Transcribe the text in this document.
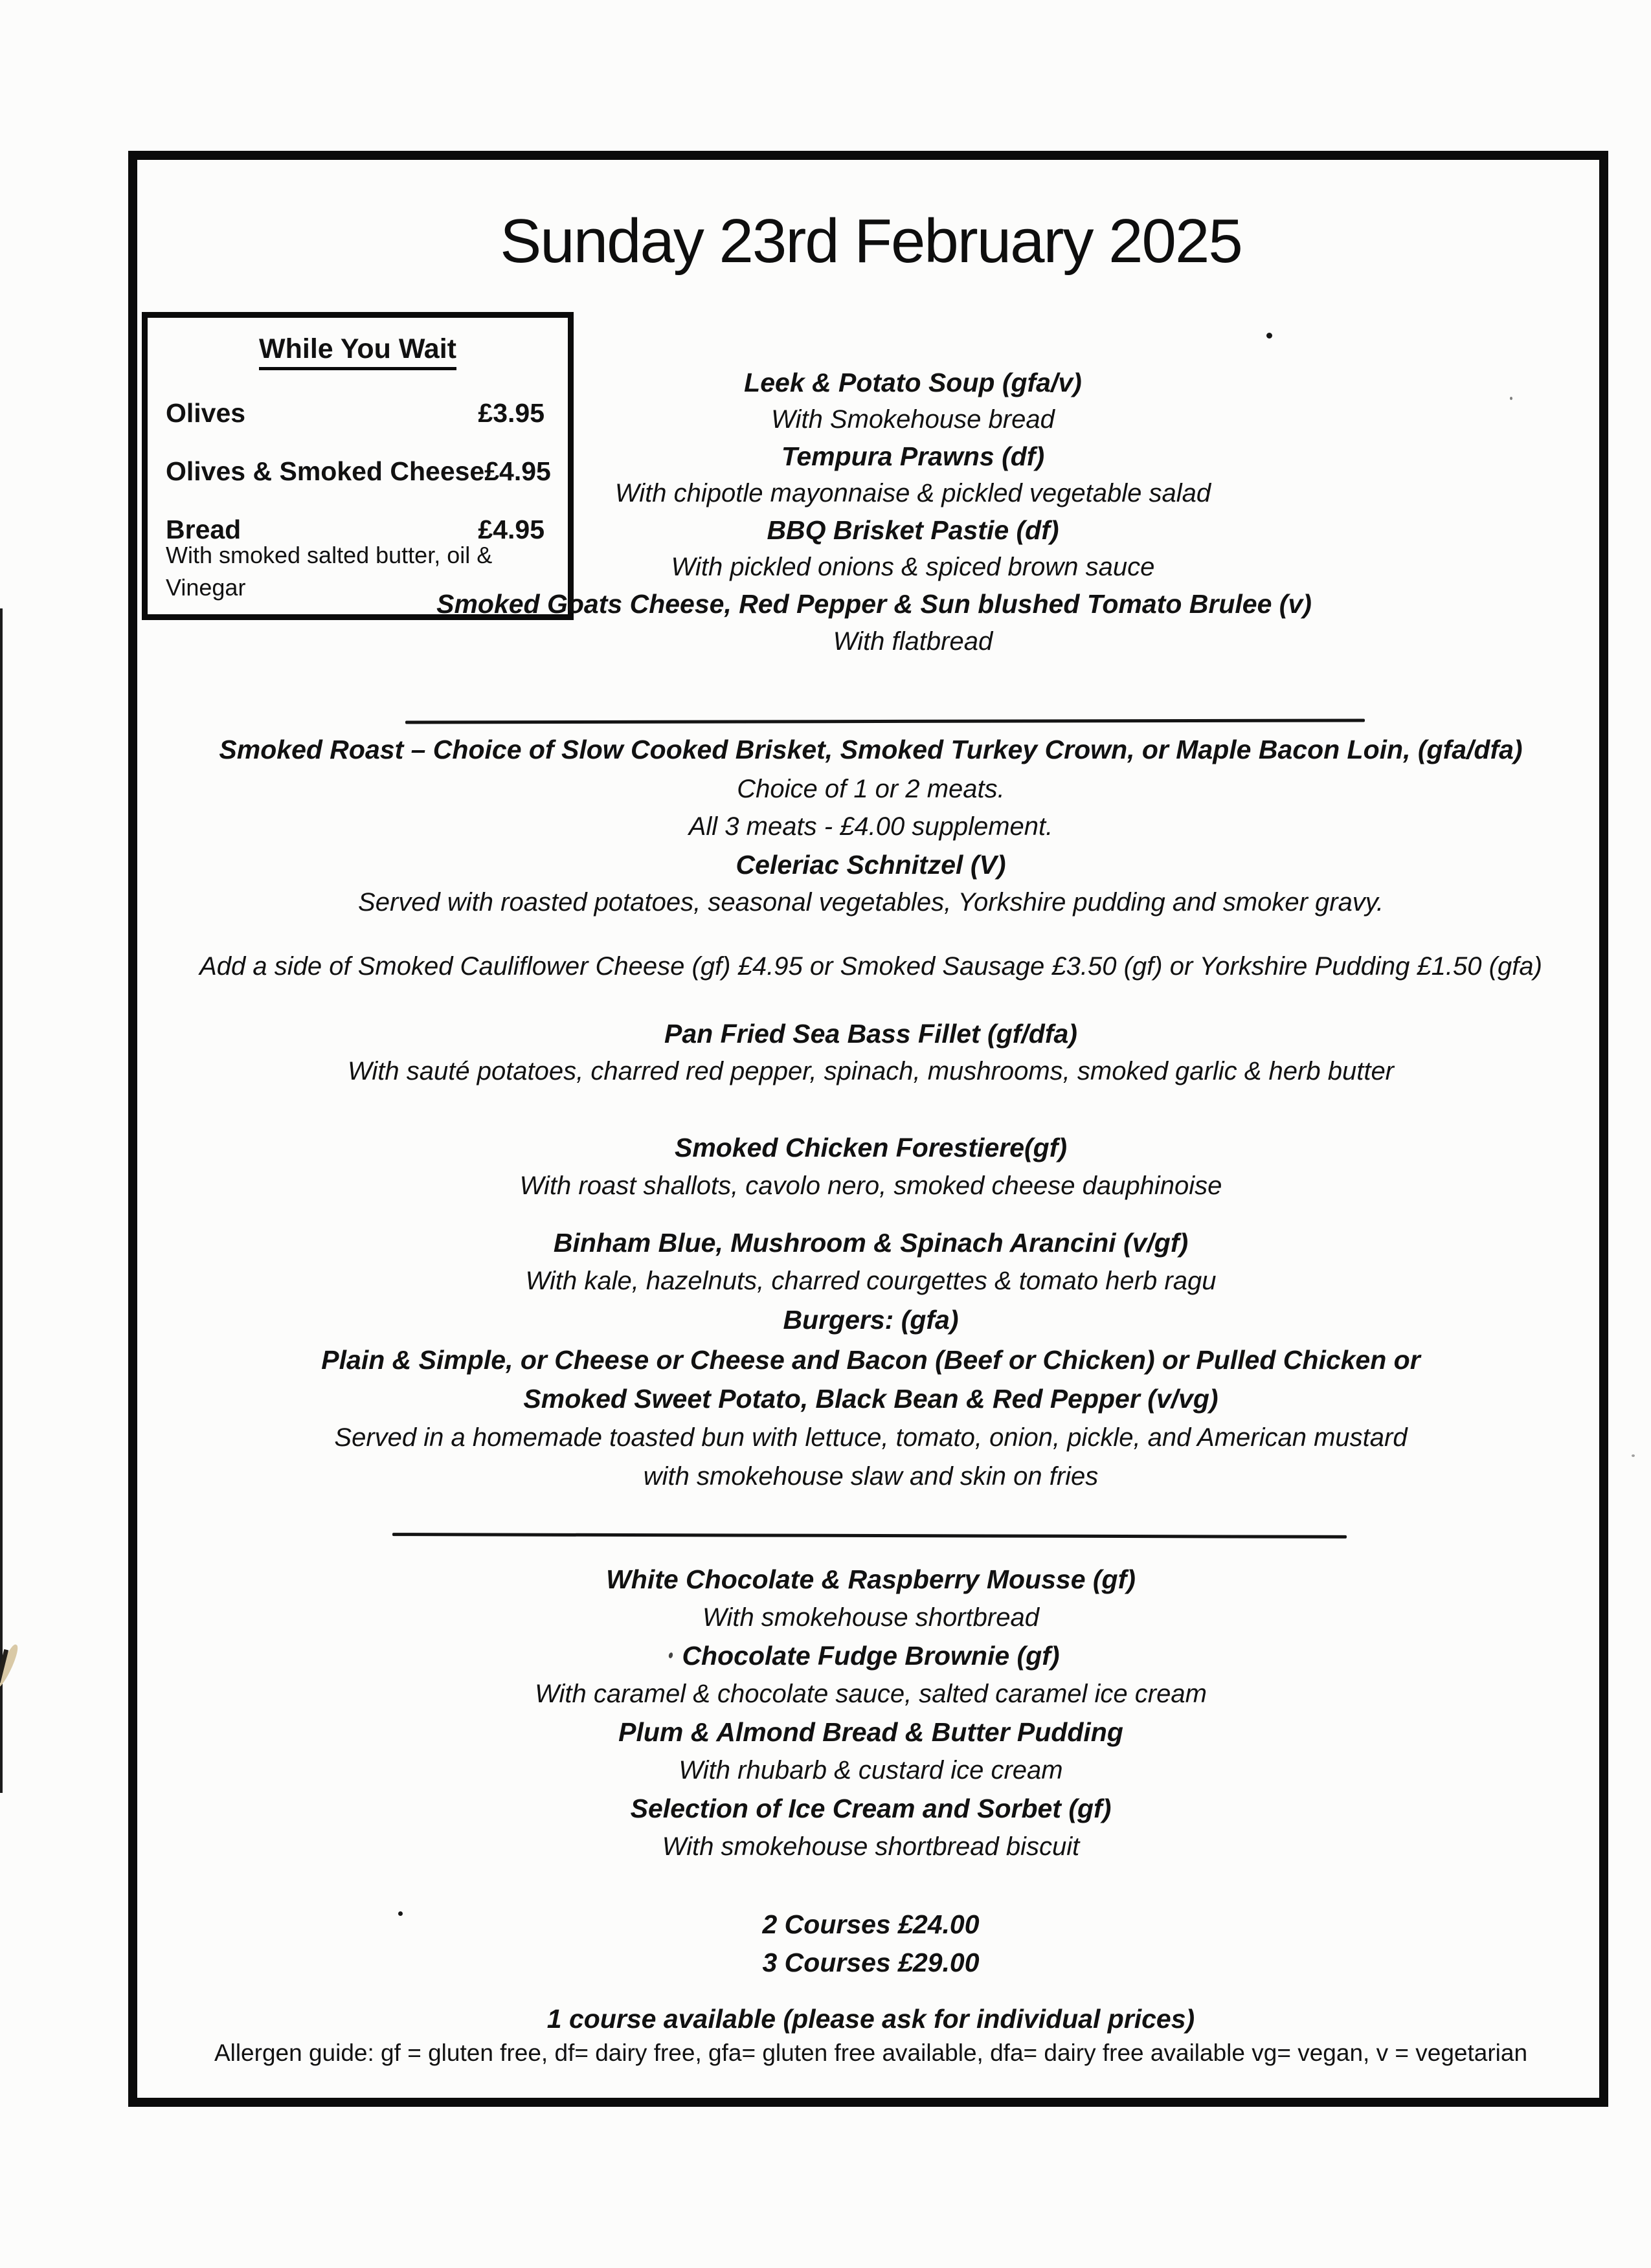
Sunday 23rd February 2025
While You Wait
Olives	£3.95
Olives & Smoked Cheese £4.95
Bread	£4.95
With smoked salted butter, oil &
Vinegar
Leek & Potato Soup (gfa/v)
With Smokehouse bread
Tempura Prawns (df)
With chipotle mayonnaise & pickled vegetable salad
BBQ Brisket Pastie (df)
With pickled onions & spiced brown sauce
Smoked Goats Cheese, Red Pepper & Sun blushed Tomato Brulee (v)
With flatbread
Smoked Roast – Choice of Slow Cooked Brisket, Smoked Turkey Crown, or Maple Bacon Loin, (gfa/dfa)
Choice of 1 or 2 meats.
All 3 meats - £4.00 supplement.
Celeriac Schnitzel (V)
Served with roasted potatoes, seasonal vegetables, Yorkshire pudding and smoker gravy.
Add a side of Smoked Cauliflower Cheese (gf) £4.95 or Smoked Sausage £3.50 (gf) or Yorkshire Pudding £1.50 (gfa)
Pan Fried Sea Bass Fillet (gf/dfa)
With sauté potatoes, charred red pepper, spinach, mushrooms, smoked garlic & herb butter
Smoked Chicken Forestiere(gf)
With roast shallots, cavolo nero, smoked cheese dauphinoise
Binham Blue, Mushroom & Spinach Arancini (v/gf)
With kale, hazelnuts, charred courgettes & tomato herb ragu
Burgers: (gfa)
Plain & Simple, or Cheese or Cheese and Bacon (Beef or Chicken) or Pulled Chicken or
Smoked Sweet Potato, Black Bean & Red Pepper (v/vg)
Served in a homemade toasted bun with lettuce, tomato, onion, pickle, and American mustard
with smokehouse slaw and skin on fries
White Chocolate & Raspberry Mousse (gf)
With smokehouse shortbread
Chocolate Fudge Brownie (gf)
With caramel & chocolate sauce, salted caramel ice cream
Plum & Almond Bread & Butter Pudding
With rhubarb & custard ice cream
Selection of Ice Cream and Sorbet (gf)
With smokehouse shortbread biscuit
2 Courses £24.00
3 Courses £29.00
1 course available (please ask for individual prices)
Allergen guide: gf = gluten free, df= dairy free, gfa= gluten free available, dfa= dairy free available vg= vegan, v = vegetarian
